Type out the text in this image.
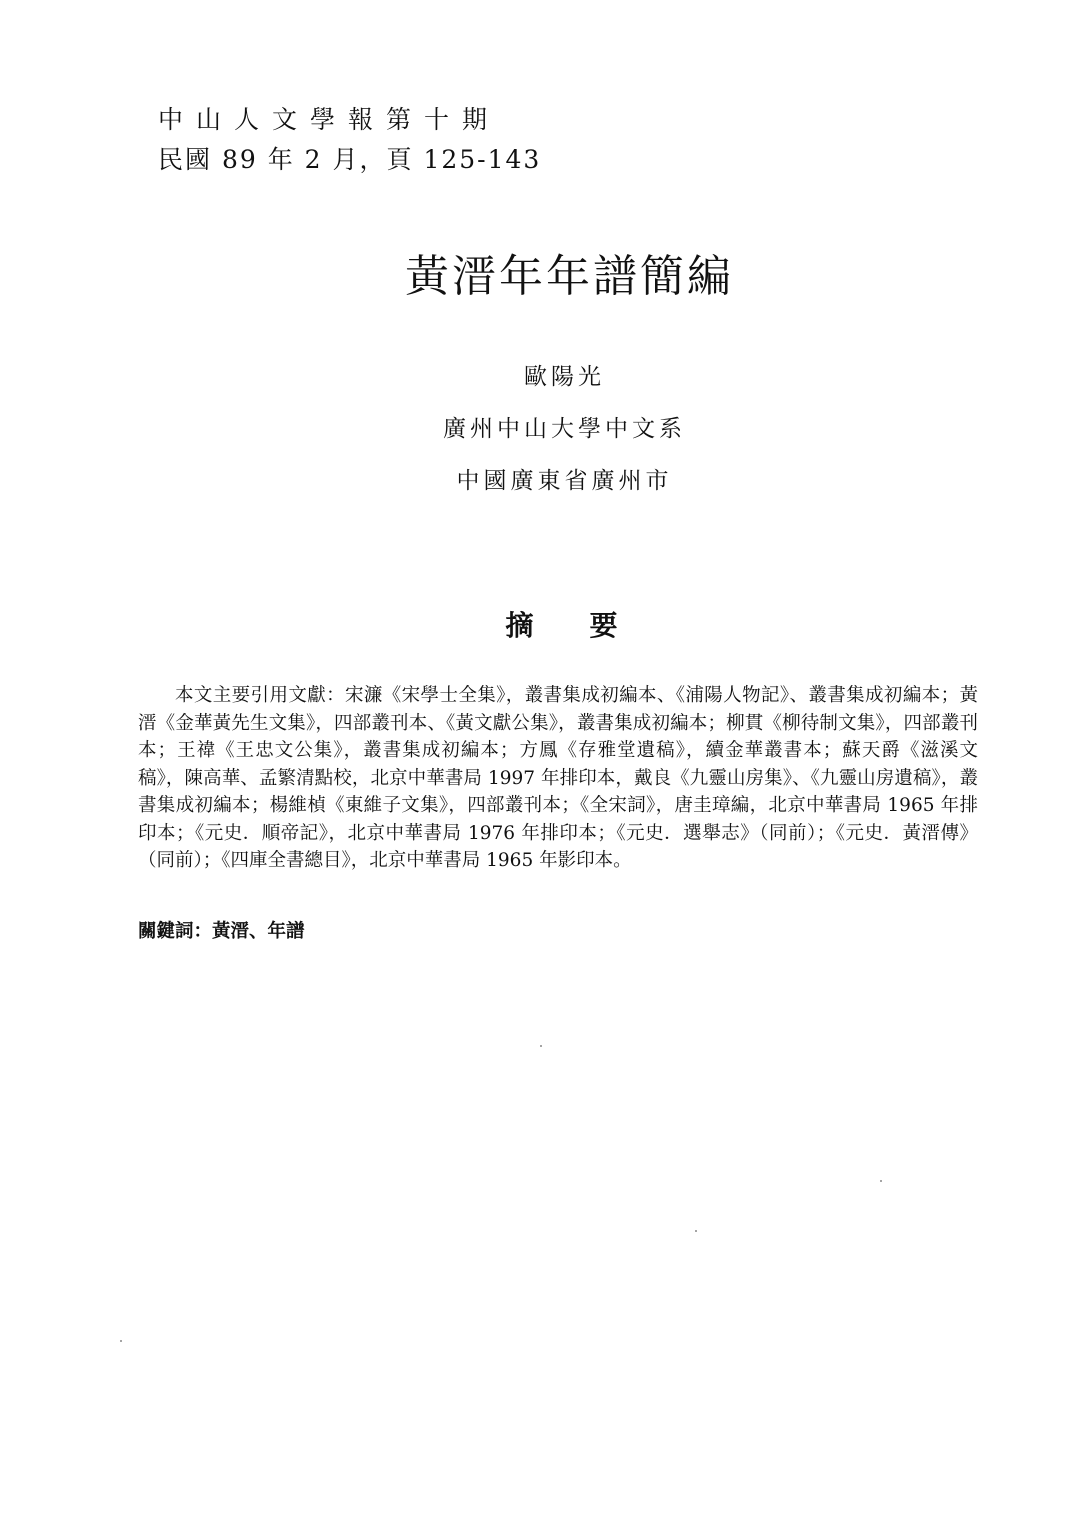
中山人文學報第十期
民國 89 年 2 月，頁 125-143
黃溍年年譜簡編
歐陽光
廣州中山大學中文系
中國廣東省廣州市
摘要
本文主要引用文獻：宋濂《宋學士全集》，叢書集成初編本、《浦陽人物記》、叢書集成初編本；黃溍《金華黃先生文集》，四部叢刊本、《黃文獻公集》，叢書集成初編本；柳貫《柳待制文集》，四部叢刊本；王禕《王忠文公集》，叢書集成初編本；方鳳《存雅堂遺稿》，續金華叢書本；蘇天爵《滋溪文稿》，陳高華、孟繁清點校，北京中華書局 1997 年排印本，戴良《九靈山房集》、《九靈山房遺稿》，叢書集成初編本；楊維楨《東維子文集》，四部叢刊本；《全宋詞》，唐圭璋編，北京中華書局 1965 年排印本；《元史．順帝記》，北京中華書局 1976 年排印本；《元史．選舉志》（同前）；《元史．黃溍傳》（同前）；《四庫全書總目》，北京中華書局 1965 年影印本。
關鍵詞：黃溍、年譜
